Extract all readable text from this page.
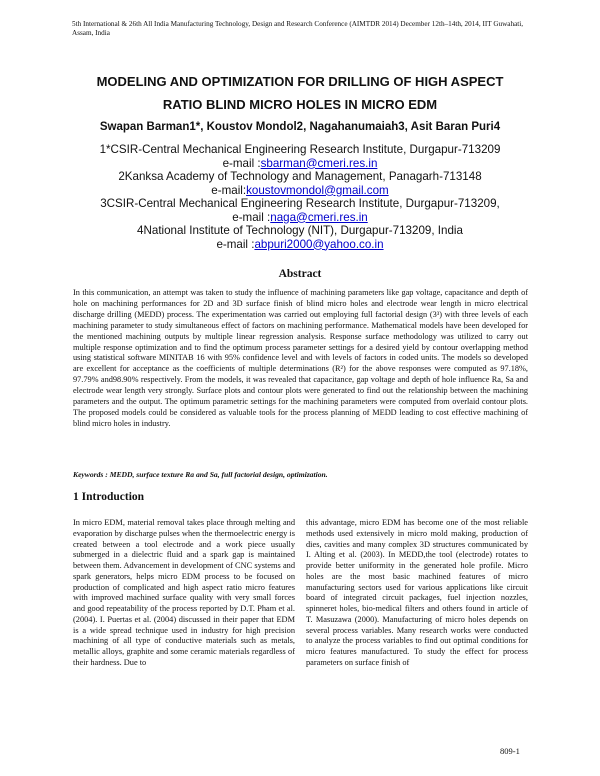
5th International & 26th All India Manufacturing Technology, Design and Research Conference (AIMTDR 2014) December 12th–14th, 2014, IIT Guwahati, Assam, India
MODELING AND OPTIMIZATION FOR DRILLING OF HIGH ASPECT
RATIO BLIND MICRO HOLES IN MICRO EDM
Swapan Barman1*, Koustov Mondol2, Nagahanumaiah3, Asit Baran Puri4
1*CSIR-Central Mechanical Engineering Research Institute, Durgapur-713209
e-mail :sbarman@cmeri.res.in
2Kanksa Academy of Technology and Management, Panagarh-713148
e-mail:koustovmondol@gmail.com
3CSIR-Central Mechanical Engineering Research Institute, Durgapur-713209,
e-mail :naga@cmeri.res.in
4National Institute of Technology (NIT), Durgapur-713209, India
e-mail :abpuri2000@yahoo.co.in
Abstract
In this communication, an attempt was taken to study the influence of machining parameters like gap voltage, capacitance and depth of hole on machining performances for 2D and 3D surface finish of blind micro holes and electrode wear length in micro electrical discharge drilling (MEDD) process. The experimentation was carried out employing full factorial design (3³) with three levels of each machining parameter to study simultaneous effect of factors on machining performance. Mathematical models have been developed for the mentioned machining outputs by multiple linear regression analysis. Response surface methodology was utilized to carry out multiple response optimization and to find the optimum process parameter settings for a desired yield by contour overlapping method using statistical software MINITAB 16 with 95% confidence level and with levels of factors in coded units. The models so developed are excellent for acceptance as the coefficients of multiple determinations (R²) for the above responses were computed as 97.18%, 97.79% and98.90% respectively. From the models, it was revealed that capacitance, gap voltage and depth of hole influence Ra, Sa and electrode wear length very strongly. Surface plots and contour plots were generated to find out the relationship between the machining parameters and the output. The optimum parametric settings for the machining parameters were computed from overlaid contour plots. The proposed models could be considered as valuable tools for the process planning of MEDD leading to cost effective machining of blind micro holes in industry.
Keywords : MEDD, surface texture Ra and Sa, full factorial design, optimization.
1 Introduction
In micro EDM, material removal takes place through melting and evaporation by discharge pulses when the thermoelectric energy is created between a tool electrode and a work piece usually submerged in a dielectric fluid and a spark gap is maintained between them. Advancement in development of CNC systems and spark generators, helps micro EDM process to be focused on production of complicated and high aspect ratio micro features with improved machined surface quality with very small forces and good repeatability of the process reported by D.T. Pham et al. (2004). I. Puertas et al. (2004) discussed in their paper that EDM is a wide spread technique used in industry for high precision machining of all type of conductive materials such as metals, metallic alloys, graphite and some ceramic materials regardless of their hardness. Due to
this advantage, micro EDM has become one of the most reliable methods used extensively in micro mold making, production of dies, cavities and many complex 3D structures communicated by I. Alting et al. (2003). In MEDD,the tool (electrode) rotates to provide better uniformity in the generated hole profile. Micro holes are the most basic machined features of micro manufacturing sectors used for various applications like circuit board of integrated circuit packages, fuel injection nozzles, spinneret holes, bio-medical filters and others found in article of T. Masuzawa (2000). Manufacturing of micro holes depends on several process variables. Many research works were conducted to analyze the process variables to find out optimal conditions for micro features manufactured. To study the effect for process parameters on surface finish of
809-1
